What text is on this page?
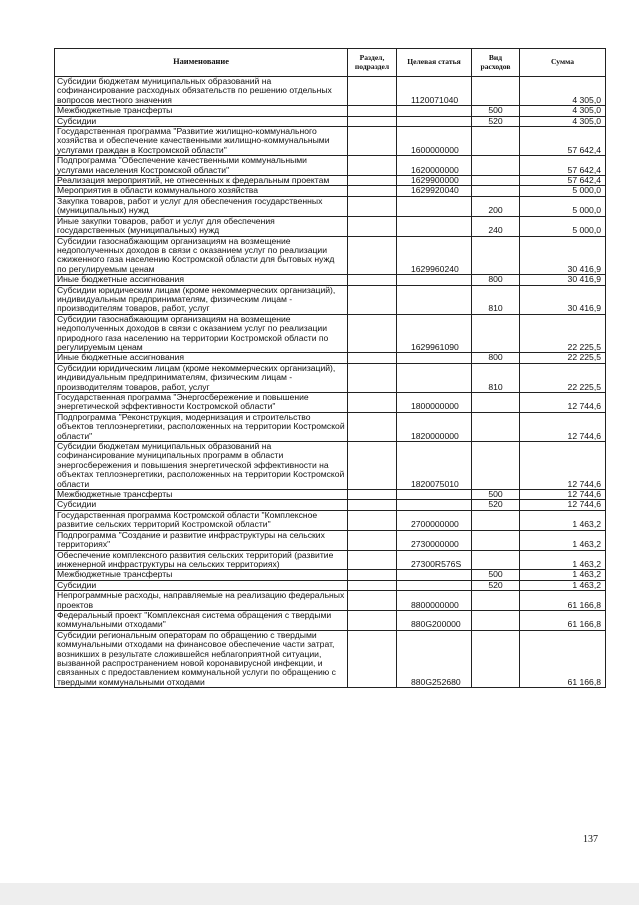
Наименование	Раздел, подраздел	Целевая статья	Вид расходов	Сумма
Субсидии бюджетам муниципальных образований на софинансирование расходных обязательств по решению отдельных вопросов местного значения		1120071040		4 305,0
Межбюджетные трансферты			500	4 305,0
Субсидии			520	4 305,0
Государственная программа "Развитие жилищно-коммунального хозяйства и обеспечение качественными жилищно-коммунальными услугами граждан в Костромской области"		1600000000		57 642,4
Подпрограмма "Обеспечение качественными коммунальными услугами населения Костромской области"		1620000000		57 642,4
Реализация мероприятий, не отнесенных к федеральным проектам		1629900000		57 642,4
Мероприятия в области коммунального хозяйства		1629920040		5 000,0
Закупка товаров, работ и услуг для обеспечения государственных (муниципальных) нужд			200	5 000,0
Иные закупки товаров, работ и услуг для обеспечения государственных (муниципальных) нужд			240	5 000,0
Субсидии газоснабжающим организациям на возмещение недополученных доходов в связи с оказанием услуг по реализации сжиженного газа населению Костромской области для бытовых нужд по регулируемым ценам		1629960240		30 416,9
Иные бюджетные ассигнования			800	30 416,9
Субсидии юридическим лицам (кроме некоммерческих организаций), индивидуальным предпринимателям, физическим лицам - производителям товаров, работ, услуг			810	30 416,9
Субсидии газоснабжающим организациям на возмещение недополученных доходов в связи с оказанием услуг по реализации природного газа населению на территории Костромской области по регулируемым ценам		1629961090		22 225,5
Иные бюджетные ассигнования			800	22 225,5
Субсидии юридическим лицам (кроме некоммерческих организаций), индивидуальным предпринимателям, физическим лицам - производителям товаров, работ, услуг			810	22 225,5
Государственная программа "Энергосбережение и повышение энергетической эффективности Костромской области"		1800000000		12 744,6
Подпрограмма "Реконструкция, модернизация и строительство объектов теплоэнергетики, расположенных на территории Костромской области"		1820000000		12 744,6
Субсидии бюджетам муниципальных образований на софинансирование муниципальных программ в области энергосбережения и повышения энергетической эффективности на объектах теплоэнергетики, расположенных на территории Костромской области		1820075010		12 744,6
Межбюджетные трансферты			500	12 744,6
Субсидии			520	12 744,6
Государственная программа Костромской области "Комплексное развитие сельских территорий Костромской области"		2700000000		1 463,2
Подпрограмма "Создание и развитие инфраструктуры на сельских территориях"		2730000000		1 463,2
Обеспечение комплексного развития сельских территорий (развитие инженерной инфраструктуры на сельских территориях)		27300R576S		1 463,2
Межбюджетные трансферты			500	1 463,2
Субсидии			520	1 463,2
Непрограммные расходы, направляемые на реализацию федеральных проектов		8800000000		61 166,8
Федеральный проект "Комплексная система обращения с твердыми коммунальными отходами"		880G200000		61 166,8
Субсидии региональным операторам по обращению с твердыми коммунальными отходами на финансовое обеспечение части затрат, возникших в результате сложившейся неблагоприятной ситуации, вызванной распространением новой коронавирусной инфекции, и связанных с предоставлением коммунальной услуги по обращению с твердыми коммунальными отходами		880G252680		61 166,8
137
